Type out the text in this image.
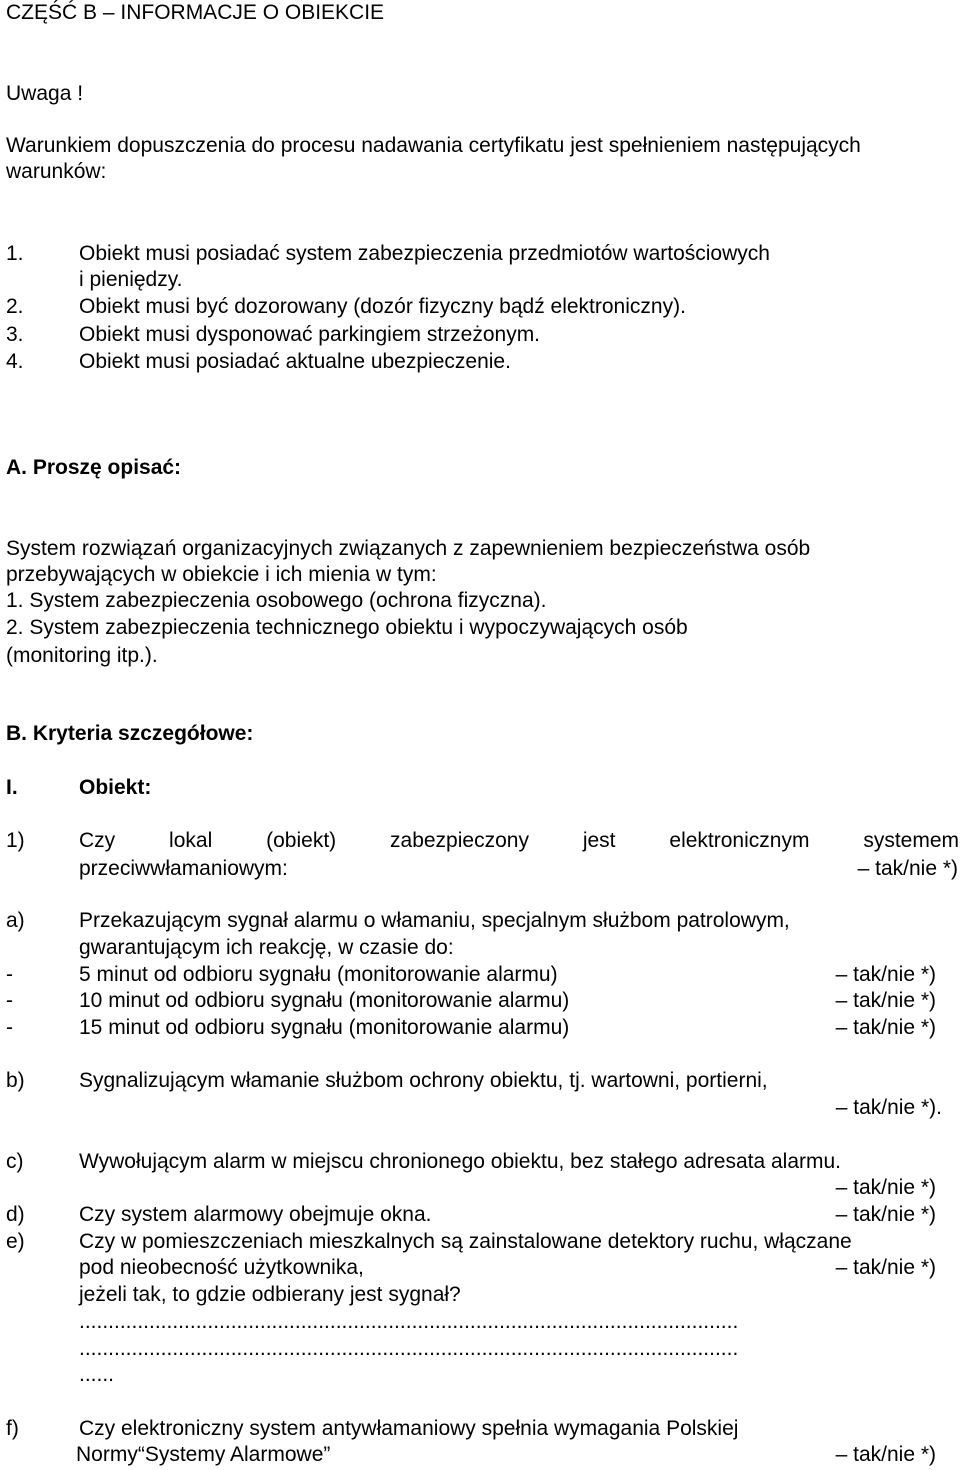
CZĘŚĆ B – INFORMACJE O OBIEKCIE
Uwaga !
Warunkiem dopuszczenia do procesu nadawania certyfikatu jest spełnieniem następujących
warunków:
1.	Obiekt musi posiadać system zabezpieczenia przedmiotów wartościowych
i pieniędzy.
2.	Obiekt musi być dozorowany (dozór fizyczny bądź elektroniczny).
3.	Obiekt musi dysponować parkingiem strzeżonym.
4.	Obiekt musi posiadać aktualne ubezpieczenie.
A. Proszę opisać:
System rozwiązań organizacyjnych związanych z zapewnieniem bezpieczeństwa osób
przebywających w obiekcie i ich mienia w tym:
1. System zabezpieczenia osobowego (ochrona fizyczna).
2. System zabezpieczenia technicznego obiektu i wypoczywających osób
(monitoring itp.).
B. Kryteria szczegółowe:
I.	Obiekt:
1)	Czy lokal (obiekt) zabezpieczony jest elektronicznym systemem
przeciwwłamaniowym:	– tak/nie *)
a)	Przekazującym sygnał alarmu o włamaniu, specjalnym służbom patrolowym,
gwarantującym ich reakcję, w czasie do:
-	5 minut od odbioru sygnału (monitorowanie alarmu)	– tak/nie *)
-	10 minut od odbioru sygnału (monitorowanie alarmu)	– tak/nie *)
-	15 minut od odbioru sygnału (monitorowanie alarmu)	– tak/nie *)
b)	Sygnalizującym włamanie służbom ochrony obiektu, tj. wartowni, portierni,
– tak/nie *).
c)	Wywołującym alarm w miejscu chronionego obiektu, bez stałego adresata alarmu.
– tak/nie *)
d)	Czy system alarmowy obejmuje okna.	– tak/nie *)
e)	Czy w pomieszczeniach mieszkalnych są zainstalowane detektory ruchu, włączane
pod nieobecność użytkownika,	– tak/nie *)
jeżeli tak, to gdzie odbierany jest sygnał?
.................................................................................................................
.................................................................................................................
......
f)	Czy elektroniczny system antywłamaniowy spełnia wymagania Polskiej
Normy“Systemy Alarmowe”	– tak/nie *)
